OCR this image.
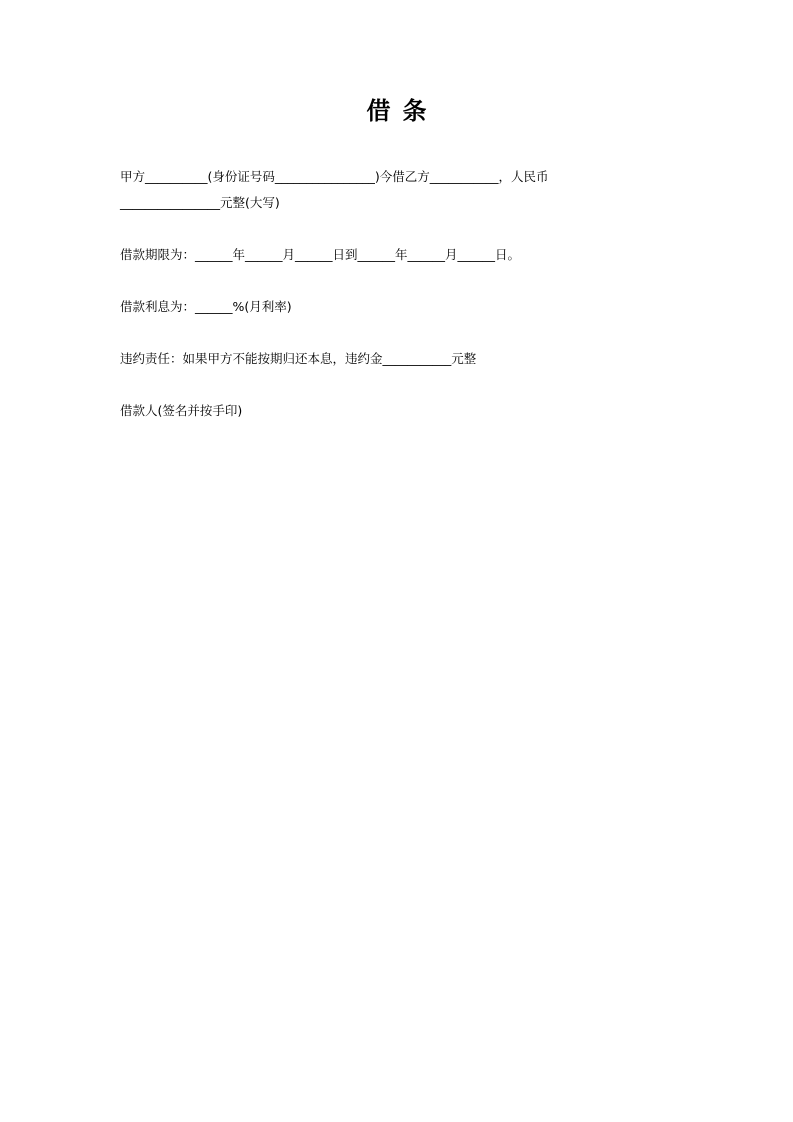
借条
甲方__________(身份证号码________________)今借乙方___________，人民币
________________元整(大写)
借款期限为：______年______月______日到______年______月______日。
借款利息为：______%(月利率)
违约责任：如果甲方不能按期归还本息，违约金___________元整
借款人(签名并按手印)
